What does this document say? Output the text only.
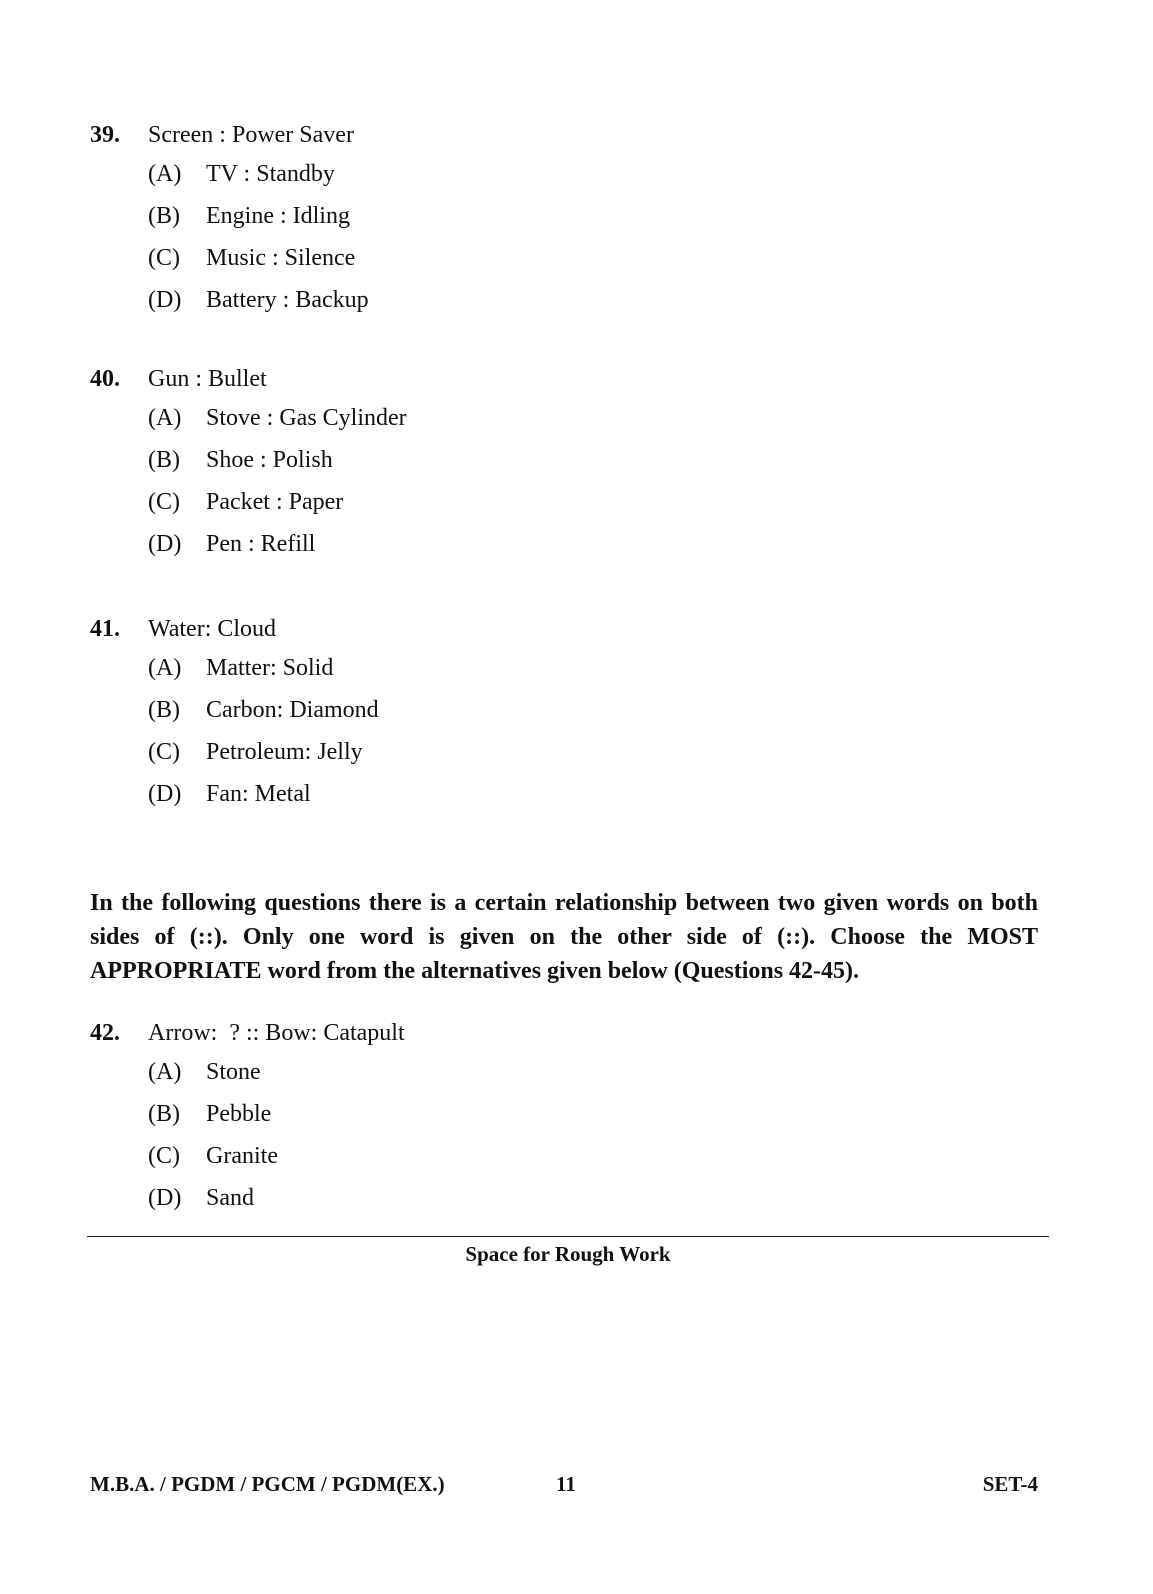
39. Screen : Power Saver
(A) TV : Standby
(B) Engine : Idling
(C) Music : Silence
(D) Battery : Backup
40. Gun : Bullet
(A) Stove : Gas Cylinder
(B) Shoe : Polish
(C) Packet : Paper
(D) Pen : Refill
41. Water: Cloud
(A) Matter: Solid
(B) Carbon: Diamond
(C) Petroleum: Jelly
(D) Fan: Metal

In the following questions there is a certain relationship between two given words on both sides of (::). Only one word is given on the other side of (::). Choose the MOST APPROPRIATE word from the alternatives given below (Questions 42-45).

42. Arrow:  ? :: Bow: Catapult
(A) Stone
(B) Pebble
(C) Granite
(D) Sand
Space for Rough Work
M.B.A. / PGDM / PGCM / PGDM(EX.)	11	SET-4
